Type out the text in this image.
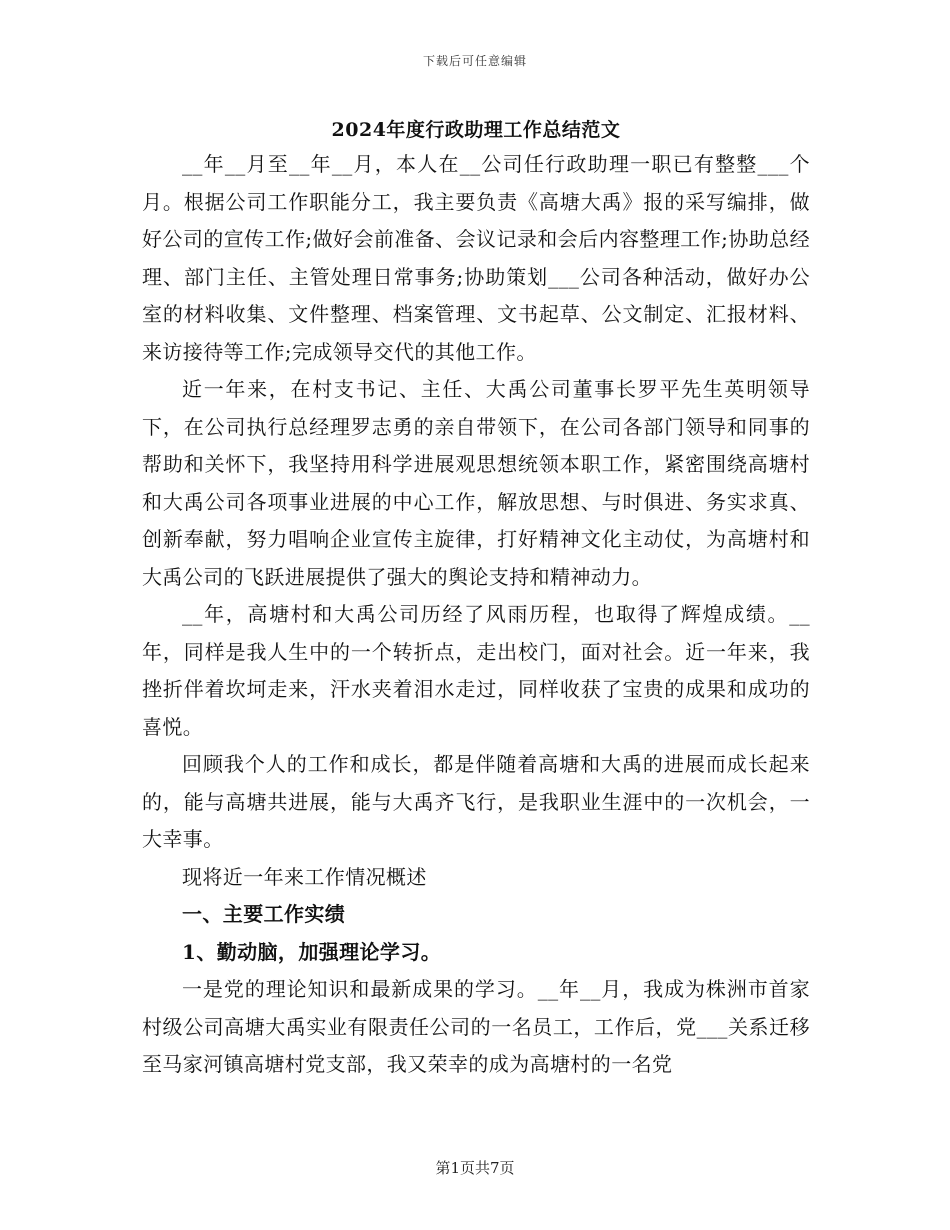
下载后可任意编辑
2024年度行政助理工作总结范文

__年__月至__年__月，本人在__公司任行政助理一职已有整整___个月。根据公司工作职能分工，我主要负责《高塘大禹》报的采写编排，做好公司的宣传工作;做好会前准备、会议记录和会后内容整理工作;协助总经理、部门主任、主管处理日常事务;协助策划___公司各种活动，做好办公室的材料收集、文件整理、档案管理、文书起草、公文制定、汇报材料、来访接待等工作;完成领导交代的其他工作。

近一年来，在村支书记、主任、大禹公司董事长罗平先生英明领导下，在公司执行总经理罗志勇的亲自带领下，在公司各部门领导和同事的帮助和关怀下，我坚持用科学进展观思想统领本职工作，紧密围绕高塘村和大禹公司各项事业进展的中心工作，解放思想、与时俱进、务实求真、创新奉献，努力唱响企业宣传主旋律，打好精神文化主动仗，为高塘村和大禹公司的飞跃进展提供了强大的舆论支持和精神动力。

__年，高塘村和大禹公司历经了风雨历程，也取得了辉煌成绩。__年，同样是我人生中的一个转折点，走出校门，面对社会。近一年来，我挫折伴着坎坷走来，汗水夹着泪水走过，同样收获了宝贵的成果和成功的喜悦。

回顾我个人的工作和成长，都是伴随着高塘和大禹的进展而成长起来的，能与高塘共进展，能与大禹齐飞行，是我职业生涯中的一次机会，一大幸事。

现将近一年来工作情况概述

一、主要工作实绩

1、勤动脑，加强理论学习。

一是党的理论知识和最新成果的学习。__年__月，我成为株洲市首家村级公司高塘大禹实业有限责任公司的一名员工，工作后，党___关系迁移至马家河镇高塘村党支部，我又荣幸的成为高塘村的一名党

第1页共7页
